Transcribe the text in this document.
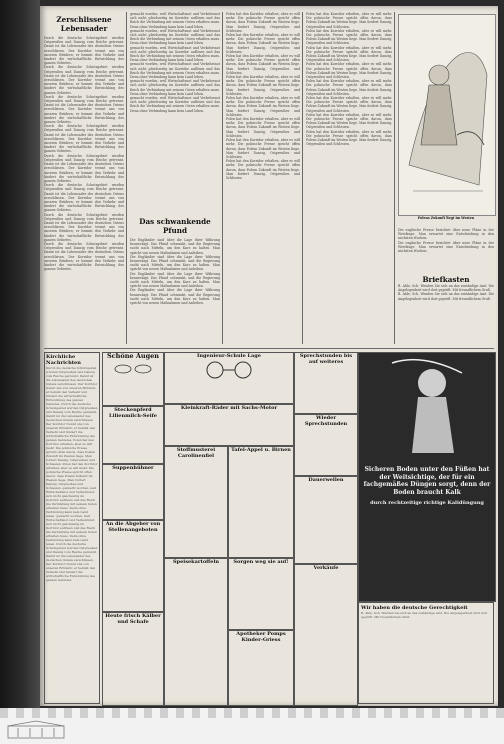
Zerschlissene Lebensader

Durch die deutsche Schutzgebiet wurden Ostpreußen und Danzig vom Reiche getrennt. Damit ist die Lebensader des deutschen Ostens zerschlissen. Der Korridor trennt uns von unseren Brüdern; er hemmt den Verkehr und hindert die wirtschaftliche Entwicklung des ganzen Gebietes.

Durch die deutsche Schutzgebiet wurden Ostpreußen und Danzig vom Reiche getrennt. Damit ist die Lebensader des deutschen Ostens zerschlissen. Der Korridor trennt uns von unseren Brüdern; er hemmt den Verkehr und hindert die wirtschaftliche Entwicklung des ganzen Gebietes.

Durch die deutsche Schutzgebiet wurden Ostpreußen und Danzig vom Reiche getrennt. Damit ist die Lebensader des deutschen Ostens zerschlissen. Der Korridor trennt uns von unseren Brüdern; er hemmt den Verkehr und hindert die wirtschaftliche Entwicklung des ganzen Gebietes.

Durch die deutsche Schutzgebiet wurden Ostpreußen und Danzig vom Reiche getrennt. Damit ist die Lebensader des deutschen Ostens zerschlissen. Der Korridor trennt uns von unseren Brüdern; er hemmt den Verkehr und hindert die wirtschaftliche Entwicklung des ganzen Gebietes.

Durch die deutsche Schutzgebiet wurden Ostpreußen und Danzig vom Reiche getrennt. Damit ist die Lebensader des deutschen Ostens zerschlissen. Der Korridor trennt uns von unseren Brüdern; er hemmt den Verkehr und hindert die wirtschaftliche Entwicklung des ganzen Gebietes.

Durch die deutsche Schutzgebiet wurden Ostpreußen und Danzig vom Reiche getrennt. Damit ist die Lebensader des deutschen Ostens zerschlissen. Der Korridor trennt uns von unseren Brüdern; er hemmt den Verkehr und hindert die wirtschaftliche Entwicklung des ganzen Gebietes.

Durch die deutsche Schutzgebiet wurden Ostpreußen und Danzig vom Reiche getrennt. Damit ist die Lebensader des deutschen Ostens zerschlissen. Der Korridor trennt uns von unseren Brüdern; er hemmt den Verkehr und hindert die wirtschaftliche Entwicklung des ganzen Gebietes.

Durch die deutsche Schutzgebiet wurden Ostpreußen und Danzig vom Reiche getrennt. Damit ist die Lebensader des deutschen Ostens zerschlissen. Der Korridor trennt uns von unseren Brüdern; er hemmt den Verkehr und hindert die wirtschaftliche Entwicklung des ganzen Gebietes.

gemacht worden, weil Wirtschaftsnot und Verkehrsnot sich nicht gleichzeitig im Korridor auflösen und das Reich die Verbindung mit seinem Osten erhalten muss. Denn ohne Verbindung kann kein Land leben.

gemacht worden, weil Wirtschaftsnot und Verkehrsnot sich nicht gleichzeitig im Korridor auflösen und das Reich die Verbindung mit seinem Osten erhalten muss. Denn ohne Verbindung kann kein Land leben.

gemacht worden, weil Wirtschaftsnot und Verkehrsnot sich nicht gleichzeitig im Korridor auflösen und das Reich die Verbindung mit seinem Osten erhalten muss. Denn ohne Verbindung kann kein Land leben.

gemacht worden, weil Wirtschaftsnot und Verkehrsnot sich nicht gleichzeitig im Korridor auflösen und das Reich die Verbindung mit seinem Osten erhalten muss. Denn ohne Verbindung kann kein Land leben.

gemacht worden, weil Wirtschaftsnot und Verkehrsnot sich nicht gleichzeitig im Korridor auflösen und das Reich die Verbindung mit seinem Osten erhalten muss. Denn ohne Verbindung kann kein Land leben.

gemacht worden, weil Wirtschaftsnot und Verkehrsnot sich nicht gleichzeitig im Korridor auflösen und das Reich die Verbindung mit seinem Osten erhalten muss. Denn ohne Verbindung kann kein Land leben.

Das schwankende Pfund

Die Engländer sind über die Lage ihrer Währung beunruhigt. Das Pfund schwankt, und die Regierung sucht nach Mitteln, um den Kurs zu halten. Man spricht von neuen Maßnahmen und Anleihen.

Die Engländer sind über die Lage ihrer Währung beunruhigt. Das Pfund schwankt, und die Regierung sucht nach Mitteln, um den Kurs zu halten. Man spricht von neuen Maßnahmen und Anleihen.

Die Engländer sind über die Lage ihrer Währung beunruhigt. Das Pfund schwankt, und die Regierung sucht nach Mitteln, um den Kurs zu halten. Man spricht von neuen Maßnahmen und Anleihen.

Die Engländer sind über die Lage ihrer Währung beunruhigt. Das Pfund schwankt, und die Regierung sucht nach Mitteln, um den Kurs zu halten. Man spricht von neuen Maßnahmen und Anleihen.

Polen hat den Korridor erhalten, aber es will mehr. Die polnische Presse spricht offen davon, dass Polens Zukunft im Westen liege. Man fordert Danzig, Ostpreußen und Schlesien.

Polen hat den Korridor erhalten, aber es will mehr. Die polnische Presse spricht offen davon, dass Polens Zukunft im Westen liege. Man fordert Danzig, Ostpreußen und Schlesien.

Polen hat den Korridor erhalten, aber es will mehr. Die polnische Presse spricht offen davon, dass Polens Zukunft im Westen liege. Man fordert Danzig, Ostpreußen und Schlesien.

Polen hat den Korridor erhalten, aber es will mehr. Die polnische Presse spricht offen davon, dass Polens Zukunft im Westen liege. Man fordert Danzig, Ostpreußen und Schlesien.

Polen hat den Korridor erhalten, aber es will mehr. Die polnische Presse spricht offen davon, dass Polens Zukunft im Westen liege. Man fordert Danzig, Ostpreußen und Schlesien.

Polen hat den Korridor erhalten, aber es will mehr. Die polnische Presse spricht offen davon, dass Polens Zukunft im Westen liege. Man fordert Danzig, Ostpreußen und Schlesien.

Polen hat den Korridor erhalten, aber es will mehr. Die polnische Presse spricht offen davon, dass Polens Zukunft im Westen liege. Man fordert Danzig, Ostpreußen und Schlesien.

Polen hat den Korridor erhalten, aber es will mehr. Die polnische Presse spricht offen davon, dass Polens Zukunft im Westen liege. Man fordert Danzig, Ostpreußen und Schlesien.

Polen hat den Korridor erhalten, aber es will mehr. Die polnische Presse spricht offen davon, dass Polens Zukunft im Westen liege. Man fordert Danzig, Ostpreußen und Schlesien.

Polen hat den Korridor erhalten, aber es will mehr. Die polnische Presse spricht offen davon, dass Polens Zukunft im Westen liege. Man fordert Danzig, Ostpreußen und Schlesien.

Polen hat den Korridor erhalten, aber es will mehr. Die polnische Presse spricht offen davon, dass Polens Zukunft im Westen liege. Man fordert Danzig, Ostpreußen und Schlesien.

Polen hat den Korridor erhalten, aber es will mehr. Die polnische Presse spricht offen davon, dass Polens Zukunft im Westen liege. Man fordert Danzig, Ostpreußen und Schlesien.

Polen hat den Korridor erhalten, aber es will mehr. Die polnische Presse spricht offen davon, dass Polens Zukunft im Westen liege. Man fordert Danzig, Ostpreußen und Schlesien.

Polen hat den Korridor erhalten, aber es will mehr. Die polnische Presse spricht offen davon, dass Polens Zukunft im Westen liege. Man fordert Danzig, Ostpreußen und Schlesien.

Polen hat den Korridor erhalten, aber es will mehr. Die polnische Presse spricht offen davon, dass Polens Zukunft im Westen liege. Man fordert Danzig, Ostpreußen und Schlesien.

Polen hat den Korridor erhalten, aber es will mehr. Die polnische Presse spricht offen davon, dass Polens Zukunft im Westen liege. Man fordert Danzig, Ostpreußen und Schlesien.

Polens Zukunft liegt im Westen

Die englische Presse berichtet über neue Pläne in der Westfrage. Man erwartet eine Entscheidung in den nächsten Wochen.

Die englische Presse berichtet über neue Pläne in der Westfrage. Man erwartet eine Entscheidung in den nächsten Wochen.

Briefkasten

B. Ahle, Sch. Wenden Sie sich an das zuständige Amt. Die Angelegenheit wird dort geprüft. Mit freundlichem Gruß.

B. Ahle, Sch. Wenden Sie sich an das zuständige Amt. Die Angelegenheit wird dort geprüft. Mit freundlichem Gruß.

Kirchliche Nachrichten
Durch die deutsche Schutzgebiet wurden Ostpreußen und Danzig vom Reiche getrennt. Damit ist die Lebensader des deutschen Ostens zerschlissen. Der Korridor trennt uns von unseren Brüdern; er hemmt den Verkehr und hindert die wirtschaftliche Entwicklung des ganzen Gebietes. Durch die deutsche Schutzgebiet wurden Ostpreußen und Danzig vom Reiche getrennt. Damit ist die Lebensader des deutschen Ostens zerschlissen. Der Korridor trennt uns von unseren Brüdern; er hemmt den Verkehr und hindert die wirtschaftliche Entwicklung des ganzen Gebietes. Polen hat den Korridor erhalten, aber es will mehr. Die polnische Presse spricht offen davon, dass Polens Zukunft im Westen liege. Man fordert Danzig, Ostpreußen und Schlesien. Polen hat den Korridor erhalten, aber es will mehr. Die polnische Presse spricht offen davon, dass Polens Zukunft im Westen liege. Man fordert Danzig, Ostpreußen und Schlesien. gemacht worden, weil Wirtschaftsnot und Verkehrsnot sich nicht gleichzeitig im Korridor auflösen und das Reich die Verbindung mit seinem Osten erhalten muss. Denn ohne Verbindung kann kein Land leben. gemacht worden, weil Wirtschaftsnot und Verkehrsnot sich nicht gleichzeitig im Korridor auflösen und das Reich die Verbindung mit seinem Osten erhalten muss. Denn ohne Verbindung kann kein Land leben. Durch die deutsche Schutzgebiet wurden Ostpreußen und Danzig vom Reiche getrennt. Damit ist die Lebensader des deutschen Ostens zerschlissen. Der Korridor trennt uns von unseren Brüdern; er hemmt den Verkehr und hindert die wirtschaftliche Entwicklung des ganzen Gebietes.
Schöne Augen
Steckenpferd Lilienmilch-Seife
Suppenhühner
An die Abgeber von Stellenangeboten
Heute frisch Kälber und Schafe
Ingenieur-Schule Lage
Kleinkraft-Räder mit Sachs-Motor
Stoffmusterei Carolinenfiel
Tafel-Appel u. Birnen
Speisekartoffeln	Sorgen weg sie auf!
Apotheker Pomps Kinder-Griess
Sprechstunden bis auf weiteres
Wieder Sprechstunden
Dauerwellen
Verkäufe
Sicheren Boden unter den Füßen hat der Weitsichtige, der für ein fachgemäßes Düngen sorgt, denn der Boden braucht Kalk
durch rechtzeitige richtige Kalidüngung
Wir haben die deutsche Gerechtigkeit
B. Ahle, Sch. Wenden Sie sich an das zuständige Amt. Die Angelegenheit wird dort geprüft. Mit freundlichem Gruß.
